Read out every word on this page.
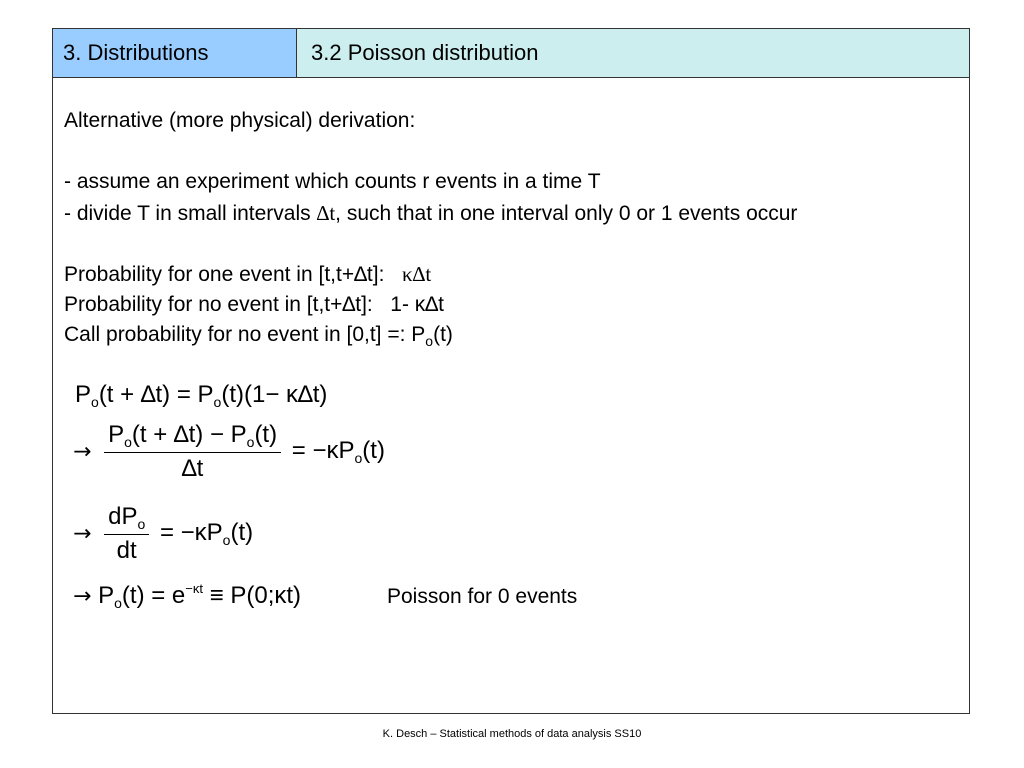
3. Distributions	3.2 Poisson distribution
Alternative (more physical) derivation:
- assume an experiment which counts r events in a time T
- divide T in small intervals ∆t, such that in one interval only 0 or 1 events occur
Probability for one event in [t,t+∆t]: κ∆t
Probability for no event in [t,t+∆t]: 1- κ∆t
Call probability for no event in [0,t] =: $P_o(t)$
$P_o(t + \Delta t) = P_o(t)(1- \kappa\Delta t)$
→ $\frac{P_o(t + \Delta t) - P_o(t)}{\Delta t} = -\kappa P_o(t)$
→ $\frac{dP_o}{dt} = -\kappa P_o(t)$
→ $P_o(t) = e^{-\kappa t}$ ≡ P(0;κt)	Poisson for 0 events
K. Desch – Statistical methods of data analysis SS10
